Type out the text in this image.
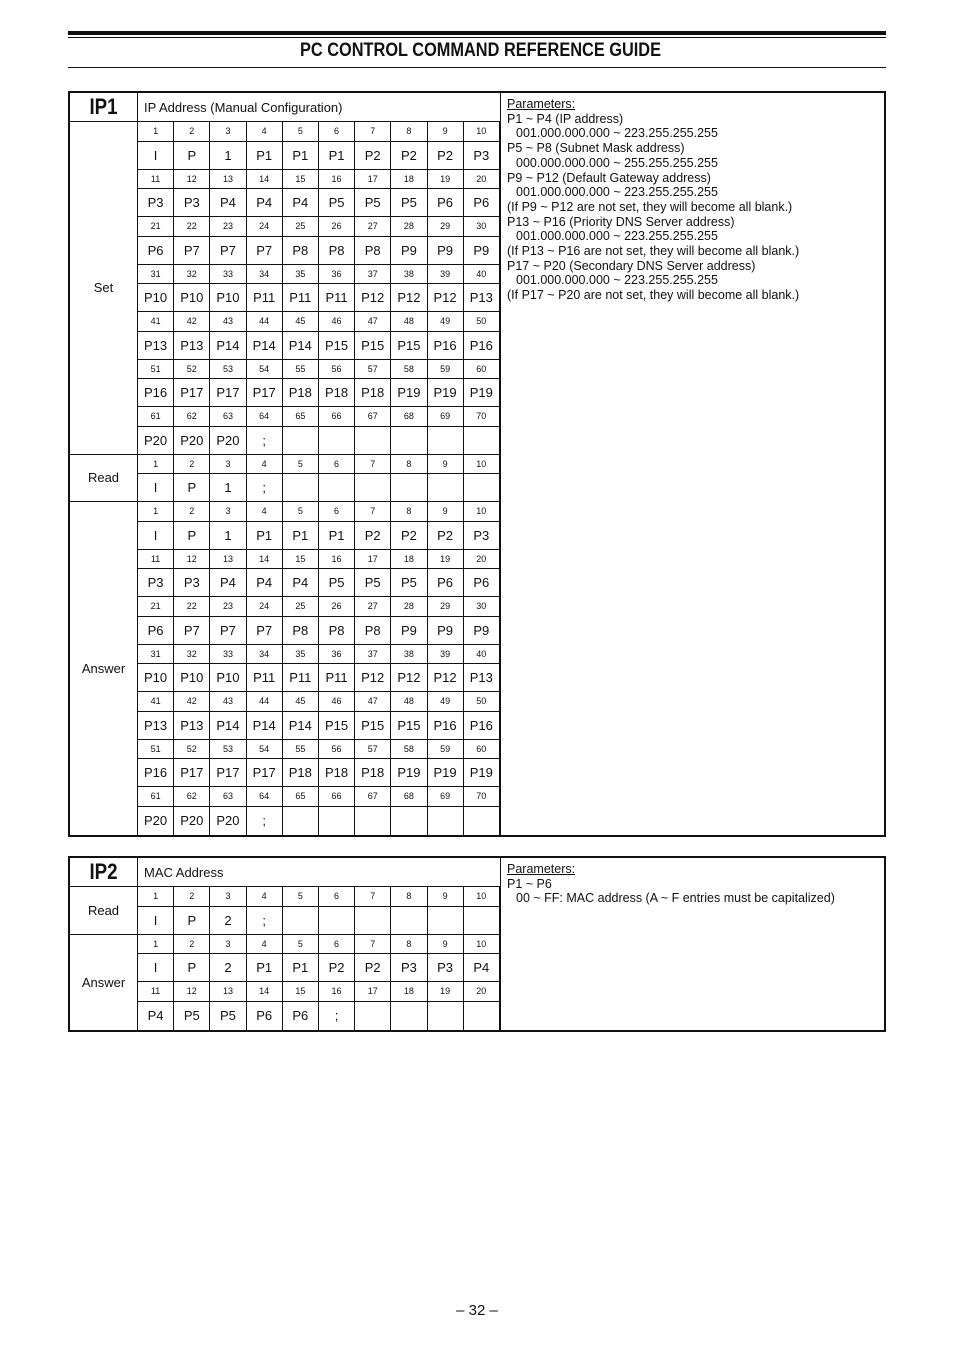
PC CONTROL COMMAND REFERENCE GUIDE
IP1	IP Address (Manual Configuration)
Set
1	2	3	4	5	6	7	8	9	10
I	P	1	P1	P1	P1	P2	P2	P2	P3
11	12	13	14	15	16	17	18	19	20
P3	P3	P4	P4	P4	P5	P5	P5	P6	P6
21	22	23	24	25	26	27	28	29	30
P6	P7	P7	P7	P8	P8	P8	P9	P9	P9
31	32	33	34	35	36	37	38	39	40
P10	P10	P10	P11	P11	P11	P12	P12	P12	P13
41	42	43	44	45	46	47	48	49	50
P13	P13	P14	P14	P14	P15	P15	P15	P16	P16
51	52	53	54	55	56	57	58	59	60
P16	P17	P17	P17	P18	P18	P18	P19	P19	P19
61	62	63	64	65	66	67	68	69	70
P20	P20	P20	;
Read
1	2	3	4	5	6	7	8	9	10
I	P	1	;
Answer
1	2	3	4	5	6	7	8	9	10
I	P	1	P1	P1	P1	P2	P2	P2	P3
11	12	13	14	15	16	17	18	19	20
P3	P3	P4	P4	P4	P5	P5	P5	P6	P6
21	22	23	24	25	26	27	28	29	30
P6	P7	P7	P7	P8	P8	P8	P9	P9	P9
31	32	33	34	35	36	37	38	39	40
P10	P10	P10	P11	P11	P11	P12	P12	P12	P13
41	42	43	44	45	46	47	48	49	50
P13	P13	P14	P14	P14	P15	P15	P15	P16	P16
51	52	53	54	55	56	57	58	59	60
P16	P17	P17	P17	P18	P18	P18	P19	P19	P19
61	62	63	64	65	66	67	68	69	70
P20	P20	P20	;
Parameters:
P1 ~ P4 (IP address)
001.000.000.000 ~ 223.255.255.255
P5 ~ P8 (Subnet Mask address)
000.000.000.000 ~ 255.255.255.255
P9 ~ P12 (Default Gateway address)
001.000.000.000 ~ 223.255.255.255
(If P9 ~ P12 are not set, they will become all blank.)
P13 ~ P16 (Priority DNS Server address)
001.000.000.000 ~ 223.255.255.255
(If P13 ~ P16 are not set, they will become all blank.)
P17 ~ P20 (Secondary DNS Server address)
001.000.000.000 ~ 223.255.255.255
(If P17 ~ P20 are not set, they will become all blank.)
IP2	MAC Address
Read
1	2	3	4	5	6	7	8	9	10
I	P	2	;
Answer
1	2	3	4	5	6	7	8	9	10
I	P	2	P1	P1	P2	P2	P3	P3	P4
11	12	13	14	15	16	17	18	19	20
P4	P5	P5	P6	P6	;
Parameters:
P1 ~ P6
00 ~ FF: MAC address (A ~ F entries must be capitalized)
– 32 –
